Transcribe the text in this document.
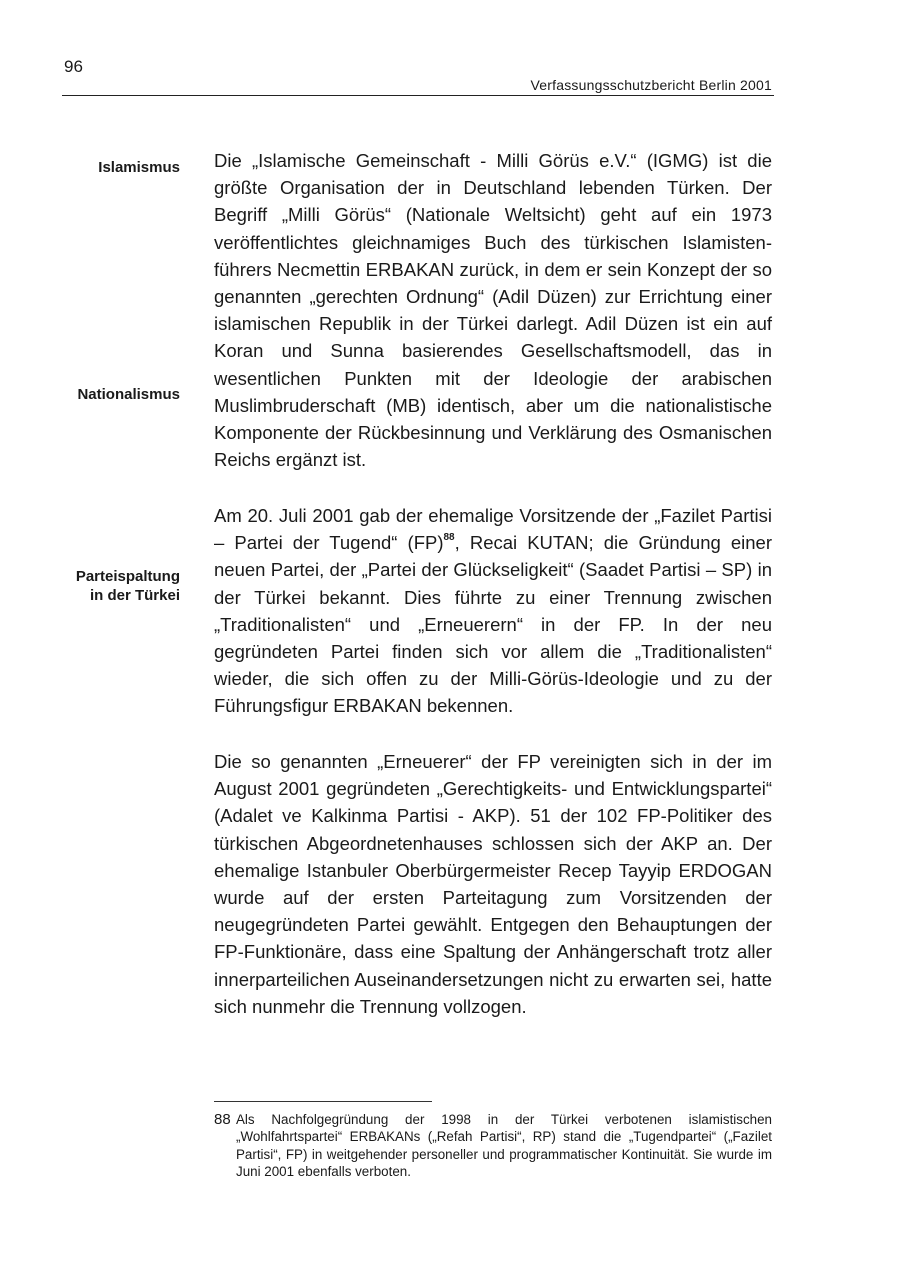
96
Verfassungsschutzbericht Berlin 2001
Islamismus
Nationalismus
Parteispaltung
in der Türkei

Die „Islamische Gemeinschaft - Milli Görüs e.V.“ (IGMG) ist die größte Organisation der in Deutschland lebenden Türken. Der Begriff „Milli Görüs“ (Nationale Weltsicht) geht auf ein 1973 veröffentlichtes gleichnamiges Buch des türkischen Islamistenführers Necmettin ERBAKAN zurück, in dem er sein Konzept der so genannten „gerechten Ordnung“ (Adil Düzen) zur Errichtung einer islamischen Republik in der Türkei darlegt. Adil Düzen ist ein auf Koran und Sunna basierendes Gesellschaftsmodell, das in wesentlichen Punkten mit der Ideologie der arabischen Muslimbruderschaft (MB) identisch, aber um die nationalistische Komponente der Rückbesinnung und Verklärung des Osmanischen Reichs ergänzt ist.

Am 20. Juli 2001 gab der ehemalige Vorsitzende der „Fazilet Partisi – Partei der Tugend“ (FP)$^{88}$, Recai KUTAN; die Gründung einer neuen Partei, der „Partei der Glückseligkeit“ (Saadet Partisi – SP) in der Türkei bekannt. Dies führte zu einer Trennung zwischen „Traditionalisten“ und „Erneuerern“ in der FP. In der neu gegründeten Partei finden sich vor allem die „Traditionalisten“ wieder, die sich offen zu der Milli-Görüs-Ideologie und zu der Führungsfigur ERBAKAN bekennen.

Die so genannten „Erneuerer“ der FP vereinigten sich in der im August 2001 gegründeten „Gerechtigkeits- und Entwicklungspartei“ (Adalet ve Kalkinma Partisi - AKP). 51 der 102 FP-Politiker des türkischen Abgeordnetenhauses schlossen sich der AKP an. Der ehemalige Istanbuler Oberbürgermeister Recep Tayyip ERDOGAN wurde auf der ersten Parteitagung zum Vorsitzenden der neugegründeten Partei gewählt. Entgegen den Behauptungen der FP-Funktionäre, dass eine Spaltung der Anhängerschaft trotz aller innerparteilichen Auseinandersetzungen nicht zu erwarten sei, hatte sich nunmehr die Trennung vollzogen.

88 Als Nachfolgegründung der 1998 in der Türkei verbotenen islamistischen „Wohlfahrtspartei“ ERBAKANs („Refah Partisi“, RP) stand die „Tugendpartei“ („Fazilet Partisi“, FP) in weitgehender personeller und programmatischer Kontinuität. Sie wurde im Juni 2001 ebenfalls verboten.
